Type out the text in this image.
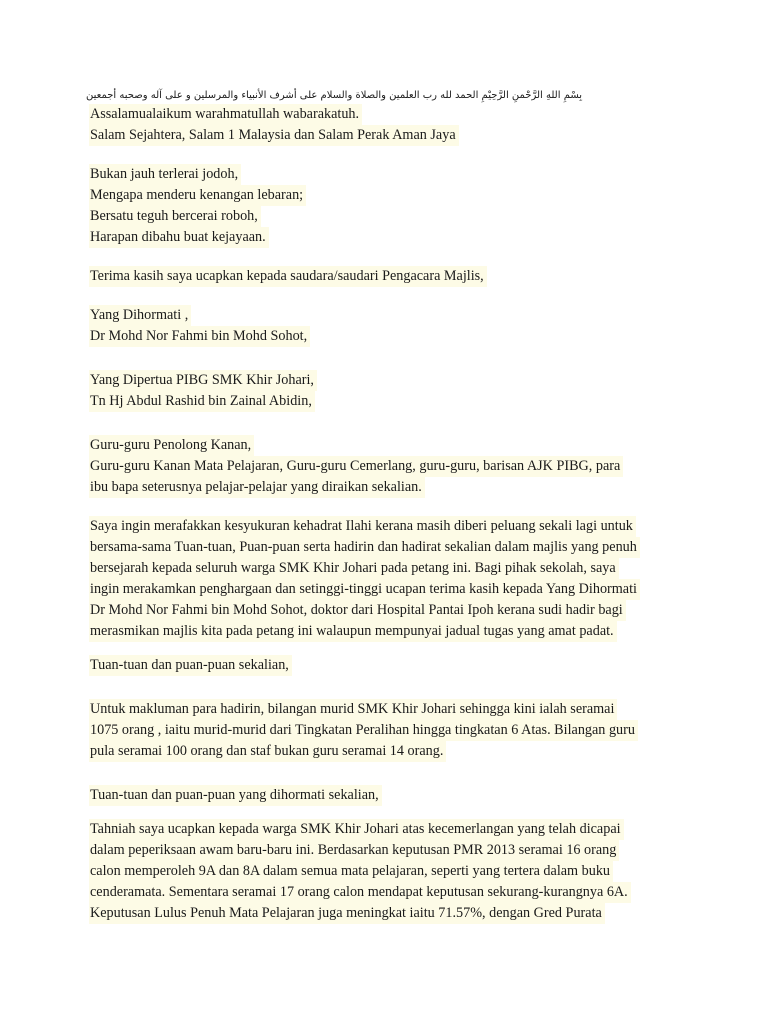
بِسْمِ اللهِ الرَّحْمنِ الرَّحِيْمِ الحمد لله رب العلمين والصلاة والسلام على أشرف الأنبياء والمرسلين و على آله وصحبه أجمعين
Assalamualaikum warahmatullah wabarakatuh.
Salam Sejahtera, Salam 1 Malaysia dan Salam Perak Aman Jaya
Bukan jauh terlerai jodoh,
Mengapa menderu kenangan lebaran;
Bersatu teguh bercerai roboh,
Harapan dibahu buat kejayaan.
Terima kasih saya ucapkan kepada saudara/saudari Pengacara Majlis,
Yang Dihormati ,
Dr Mohd Nor Fahmi bin Mohd Sohot,
Yang Dipertua PIBG SMK Khir Johari,
Tn Hj Abdul Rashid bin Zainal Abidin,
Guru-guru Penolong Kanan,
Guru-guru Kanan Mata Pelajaran, Guru-guru Cemerlang, guru-guru, barisan AJK PIBG, para
ibu bapa seterusnya pelajar-pelajar yang diraikan sekalian.
Saya ingin merafakkan kesyukuran kehadrat Ilahi kerana masih diberi peluang sekali lagi untuk
bersama-sama Tuan-tuan, Puan-puan serta hadirin dan hadirat sekalian dalam majlis yang penuh
bersejarah kepada seluruh warga SMK Khir Johari pada petang ini. Bagi pihak sekolah, saya
ingin merakamkan penghargaan dan setinggi-tinggi ucapan terima kasih kepada Yang Dihormati
Dr Mohd Nor Fahmi bin Mohd Sohot, doktor dari Hospital Pantai Ipoh kerana sudi hadir bagi
merasmikan majlis kita pada petang ini walaupun mempunyai jadual tugas yang amat padat.
Tuan-tuan dan puan-puan sekalian,
Untuk makluman para hadirin, bilangan murid SMK Khir Johari sehingga kini ialah seramai
1075 orang , iaitu murid-murid dari Tingkatan Peralihan hingga tingkatan 6 Atas. Bilangan guru
pula seramai 100 orang dan staf bukan guru seramai 14 orang.
Tuan-tuan dan puan-puan yang dihormati sekalian,
Tahniah saya ucapkan kepada warga SMK Khir Johari atas kecemerlangan yang telah dicapai
dalam peperiksaan awam baru-baru ini. Berdasarkan keputusan PMR 2013 seramai 16 orang
calon memperoleh 9A dan 8A dalam semua mata pelajaran, seperti yang tertera dalam buku
cenderamata. Sementara seramai 17 orang calon mendapat keputusan sekurang-kurangnya 6A.
Keputusan Lulus Penuh Mata Pelajaran juga meningkat iaitu 71.57%, dengan Gred Purata
